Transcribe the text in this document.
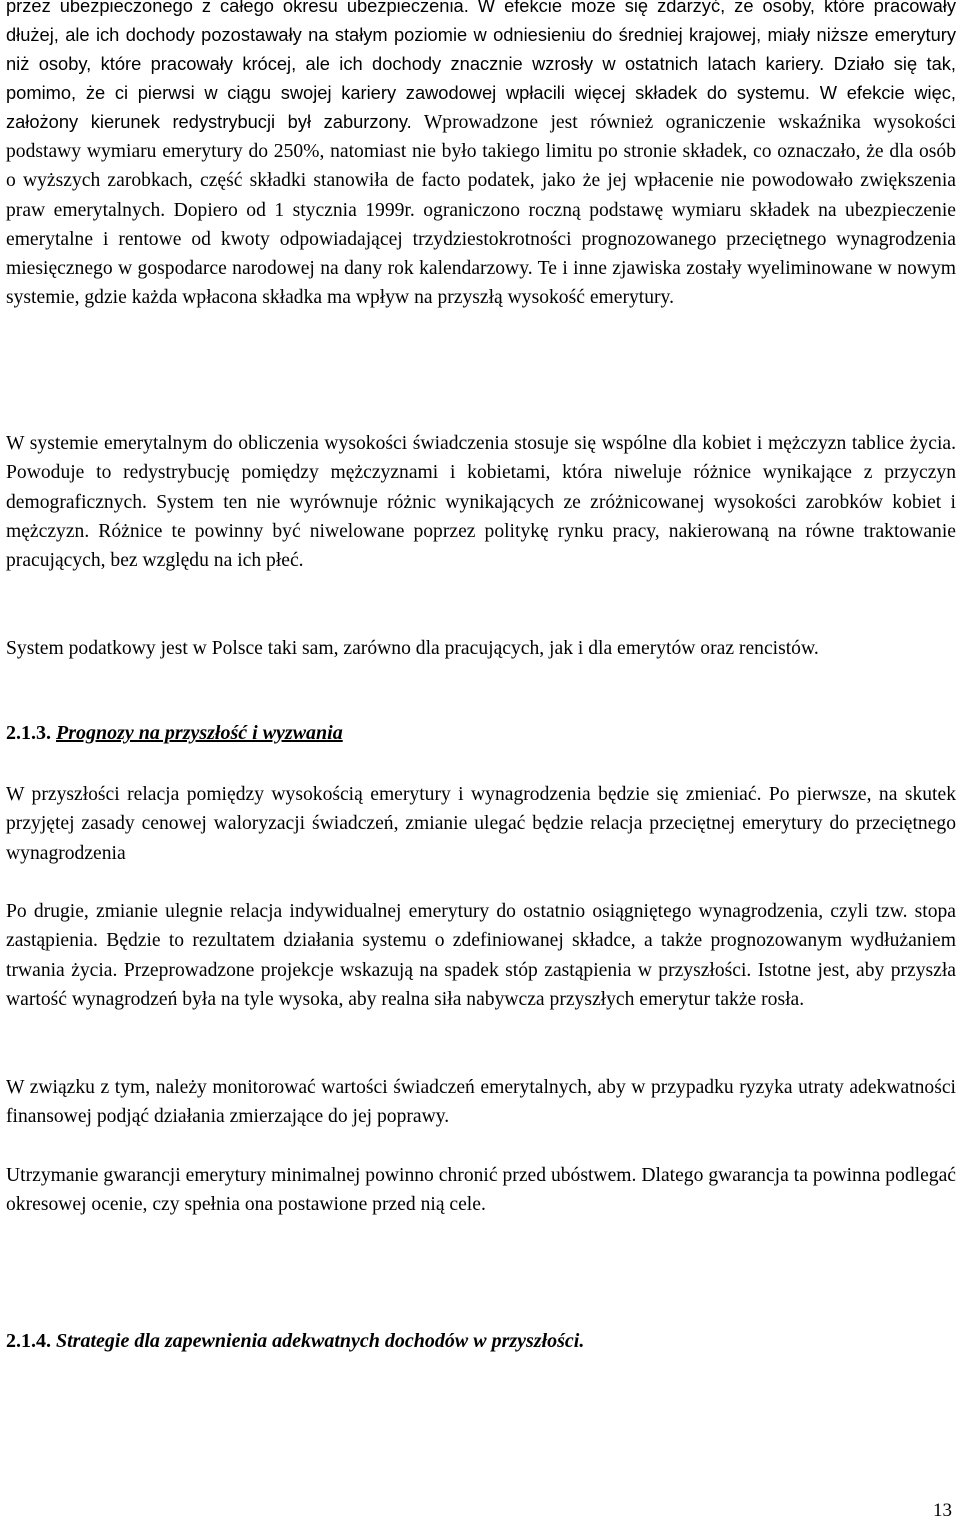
przez ubezpieczonego z całego okresu ubezpieczenia. W efekcie może się zdarzyć, że osoby, które pracowały dłużej, ale ich dochody pozostawały na stałym poziomie w odniesieniu do średniej krajowej, miały niższe emerytury niż osoby, które pracowały krócej, ale ich dochody znacznie wzrosły w ostatnich latach kariery. Działo się tak, pomimo, że ci pierwsi w ciągu swojej kariery zawodowej wpłacili więcej składek do systemu. W efekcie więc, założony kierunek redystrybucji był zaburzony. Wprowadzone jest również ograniczenie wskaźnika wysokości podstawy wymiaru emerytury do 250%, natomiast nie było takiego limitu po stronie składek, co oznaczało, że dla osób o wyższych zarobkach, część składki stanowiła de facto podatek, jako że jej wpłacenie nie powodowało zwiększenia praw emerytalnych. Dopiero od 1 stycznia 1999r. ograniczono roczną podstawę wymiaru składek na ubezpieczenie emerytalne i rentowe od kwoty odpowiadającej trzydziestokrotności prognozowanego przeciętnego wynagrodzenia miesięcznego w gospodarce narodowej na dany rok kalendarzowy. Te i inne zjawiska zostały wyeliminowane w nowym systemie, gdzie każda wpłacona składka ma wpływ na przyszłą wysokość emerytury.

W systemie emerytalnym do obliczenia wysokości świadczenia stosuje się wspólne dla kobiet i mężczyzn tablice życia. Powoduje to redystrybucję pomiędzy mężczyznami i kobietami, która niweluje różnice wynikające z przyczyn demograficznych. System ten nie wyrównuje różnic wynikających ze zróżnicowanej wysokości zarobków kobiet i mężczyzn. Różnice te powinny być niwelowane poprzez politykę rynku pracy, nakierowaną na równe traktowanie pracujących, bez względu na ich płeć.

System podatkowy jest w Polsce taki sam, zarówno dla pracujących, jak i dla emerytów oraz rencistów.

2.1.3. Prognozy na przyszłość i wyzwania

W przyszłości relacja pomiędzy wysokością emerytury i wynagrodzenia będzie się zmieniać. Po pierwsze, na skutek przyjętej zasady cenowej waloryzacji świadczeń, zmianie ulegać będzie relacja przeciętnej emerytury do przeciętnego wynagrodzenia

Po drugie, zmianie ulegnie relacja indywidualnej emerytury do ostatnio osiągniętego wynagrodzenia, czyli tzw. stopa zastąpienia. Będzie to rezultatem działania systemu o zdefiniowanej składce, a także prognozowanym wydłużaniem trwania życia. Przeprowadzone projekcje wskazują na spadek stóp zastąpienia w przyszłości. Istotne jest, aby przyszła wartość wynagrodzeń była na tyle wysoka, aby realna siła nabywcza przyszłych emerytur także rosła.

W związku z tym, należy monitorować wartości świadczeń emerytalnych, aby w przypadku ryzyka utraty adekwatności finansowej podjąć działania zmierzające do jej poprawy.

Utrzymanie gwarancji emerytury minimalnej powinno chronić przed ubóstwem. Dlatego gwarancja ta powinna podlegać okresowej ocenie, czy spełnia ona postawione przed nią cele.

2.1.4. Strategie dla zapewnienia adekwatnych dochodów w przyszłości.

13
